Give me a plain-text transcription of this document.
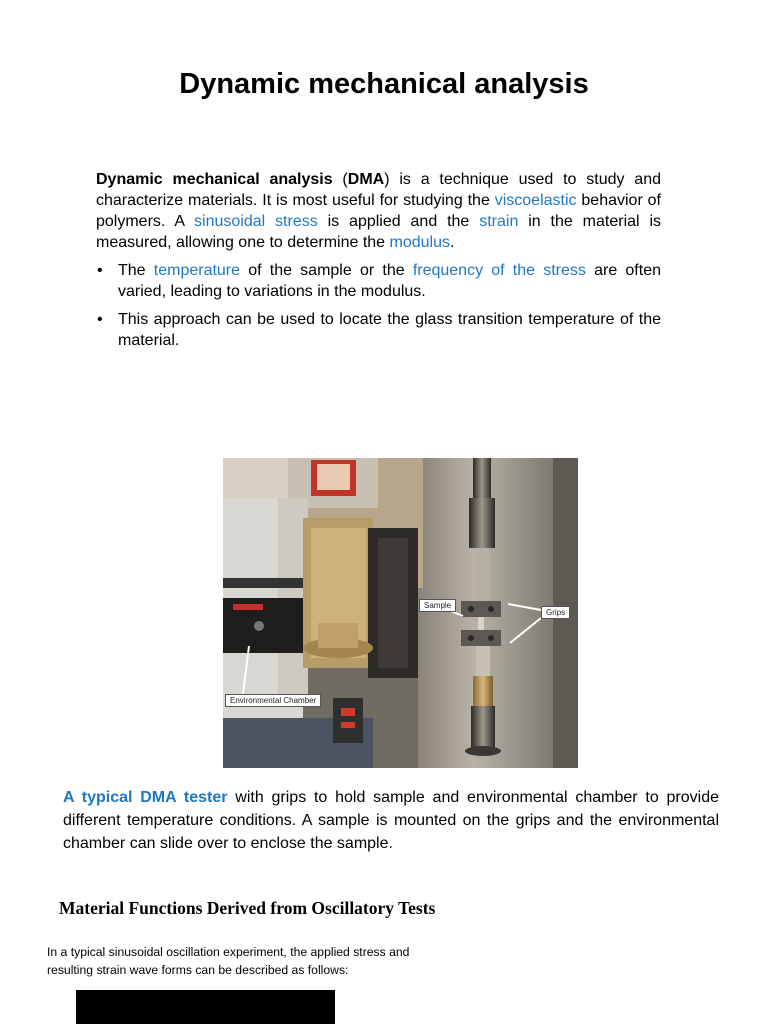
Dynamic mechanical analysis

Dynamic mechanical analysis (DMA) is a technique used to study and characterize materials. It is most useful for studying the viscoelastic behavior of polymers. A sinusoidal stress is applied and the strain in the material is measured, allowing one to determine the modulus.

• The temperature of the sample or the frequency of the stress are often varied, leading to variations in the modulus.
• This approach can be used to locate the glass transition temperature of the material.
Sample
Grips
Environmental Chamber

A typical DMA tester with grips to hold sample and environmental chamber to provide different temperature conditions. A sample is mounted on the grips and the environmental chamber can slide over to enclose the sample.

Material Functions Derived from Oscillatory Tests

In a typical sinusoidal oscillation experiment, the applied stress and resulting strain wave forms can be described as follows:
